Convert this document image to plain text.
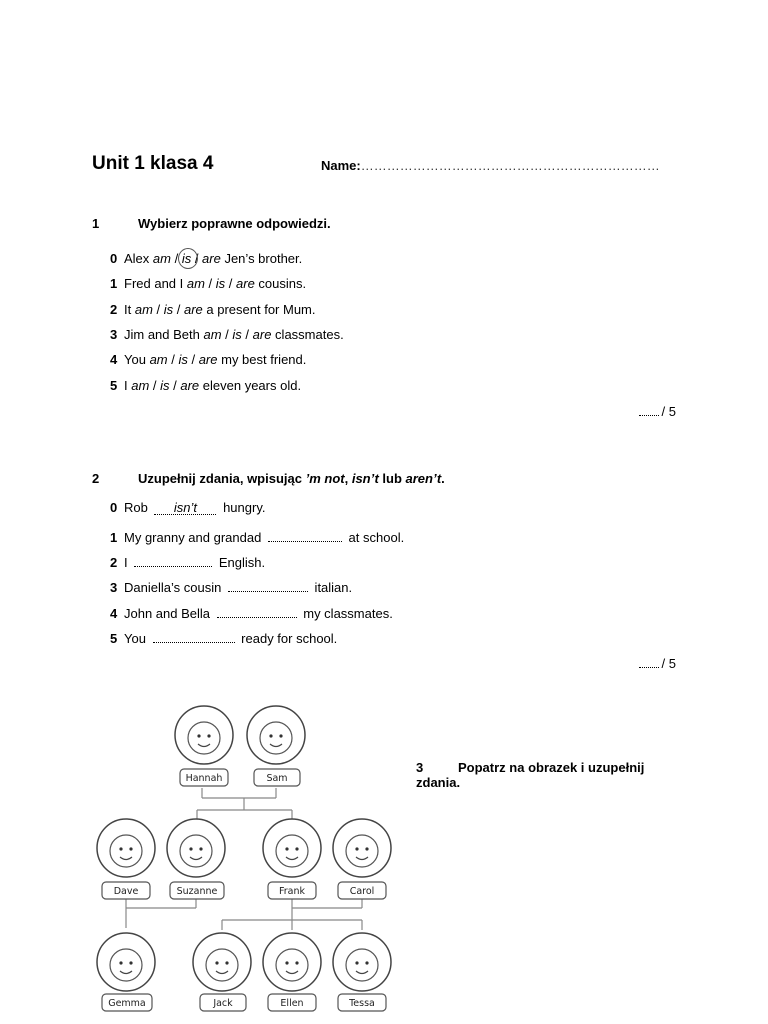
Unit 1 klasa 4	Name:……………………………………………………………
1	Wybierz poprawne odpowiedzi.
0 Alex am / is / are Jen’s brother.
1 Fred and I am / is / are cousins.
2 It am / is / are a present for Mum.
3 Jim and Beth am / is / are classmates.
4 You am / is / are my best friend.
5 I am / is / are eleven years old.
/ 5
2	Uzupełnij zdania, wpisując ’m not, isn’t lub aren’t.
0 Rob isn’t hungry.
1 My granny and grandad	at school.
2 I	English.
3 Daniella’s cousin	italian.
4 John and Bella	my classmates.
5 You	ready for school.
/ 5
3	Popatrz na obrazek i uzupełnij zdania.
Hannah	Sam
Dave	Suzanne	Frank	Carol
Gemma	Jack	Ellen	Tessa
